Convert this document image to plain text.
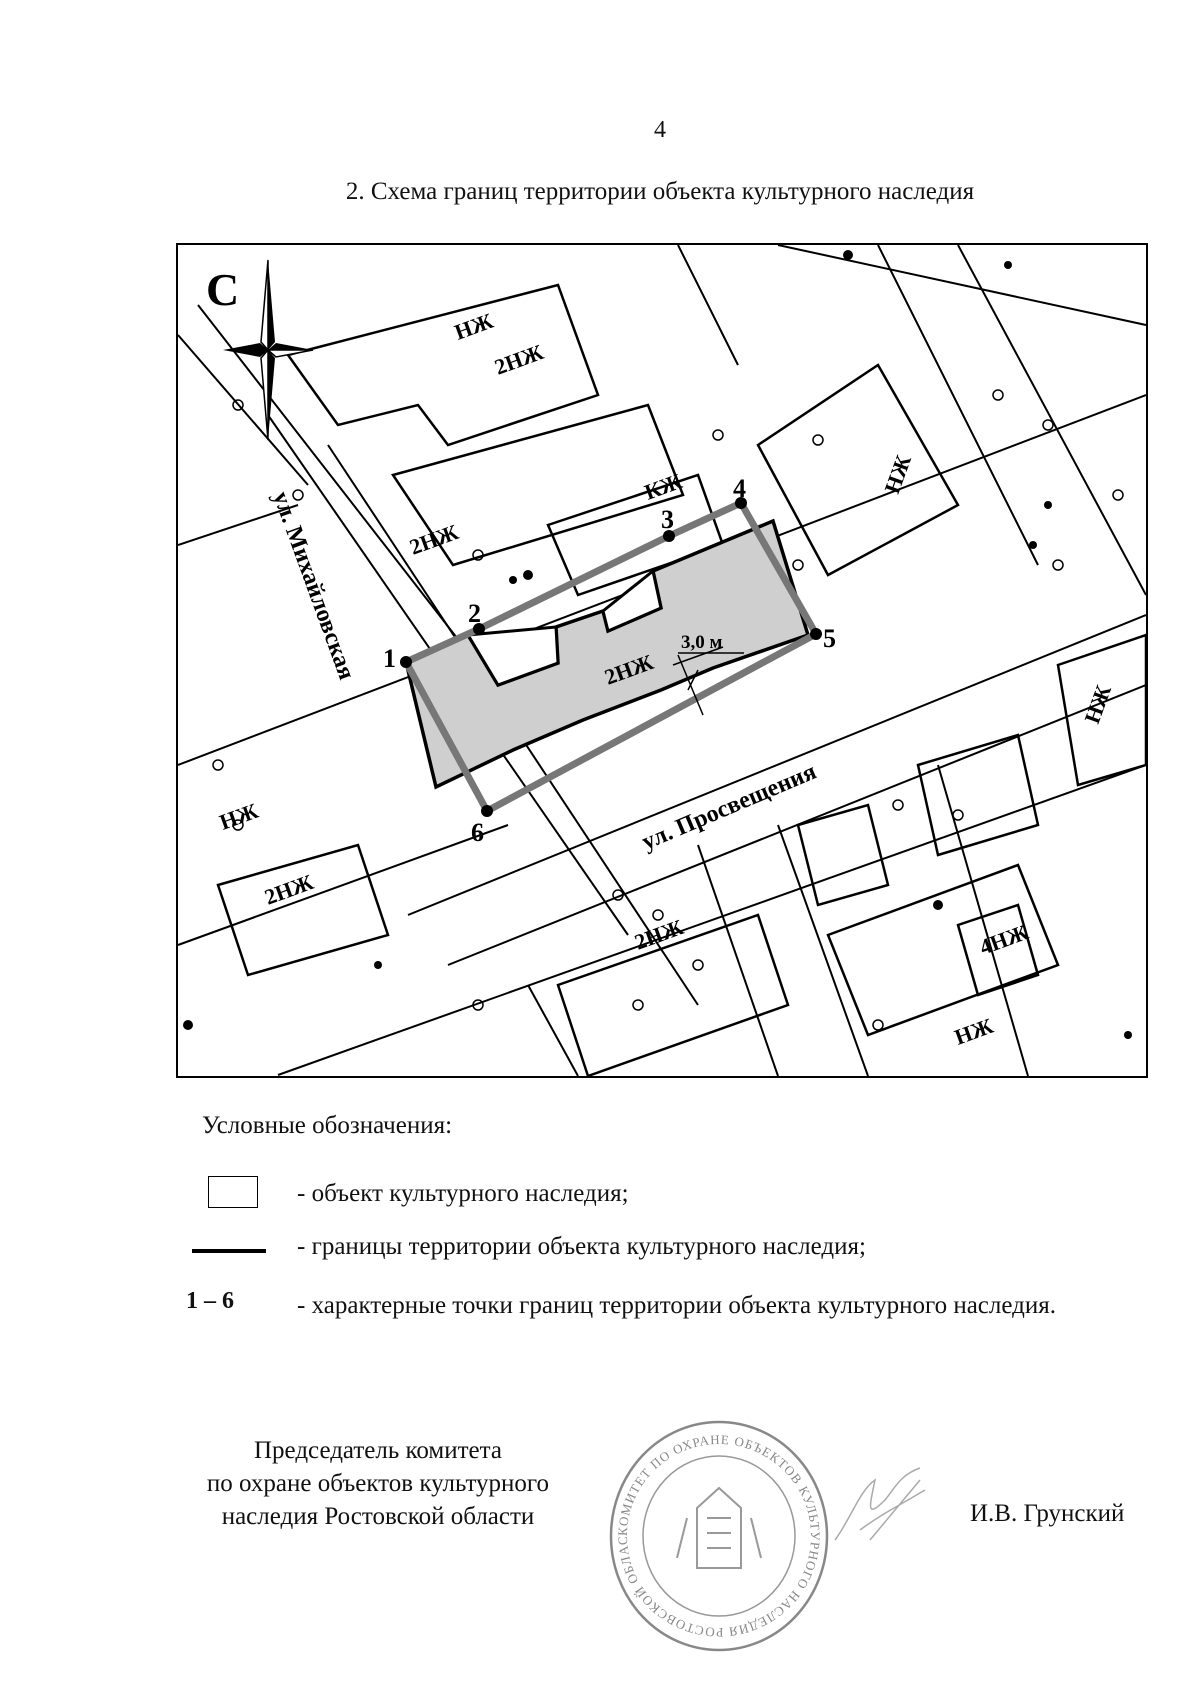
4
2. Схема границ территории объекта культурного наследия
2НЖ
КЖ	НЖ
2НЖ
2НЖ
НЖ
НЖ
НЖ
2НЖ	4НЖ
НЖ
2НЖ
1
2
3
4
5
6
3,0 м
ул. Михайловская
ул. Просвещения
С
Условные обозначения:
- объект культурного наследия;
- границы территории объекта культурного наследия;
1 – 6	- характерные точки границ территории объекта культурного наследия.
Председатель комитета
по охране объектов культурного
наследия Ростовской области
КОМИТЕТ ПО ОХРАНЕ ОБЪЕКТОВ КУЛЬТУРНОГО НАСЛЕДИЯ РОСТОВСКОЙ ОБЛАС
И.В. Грунский
